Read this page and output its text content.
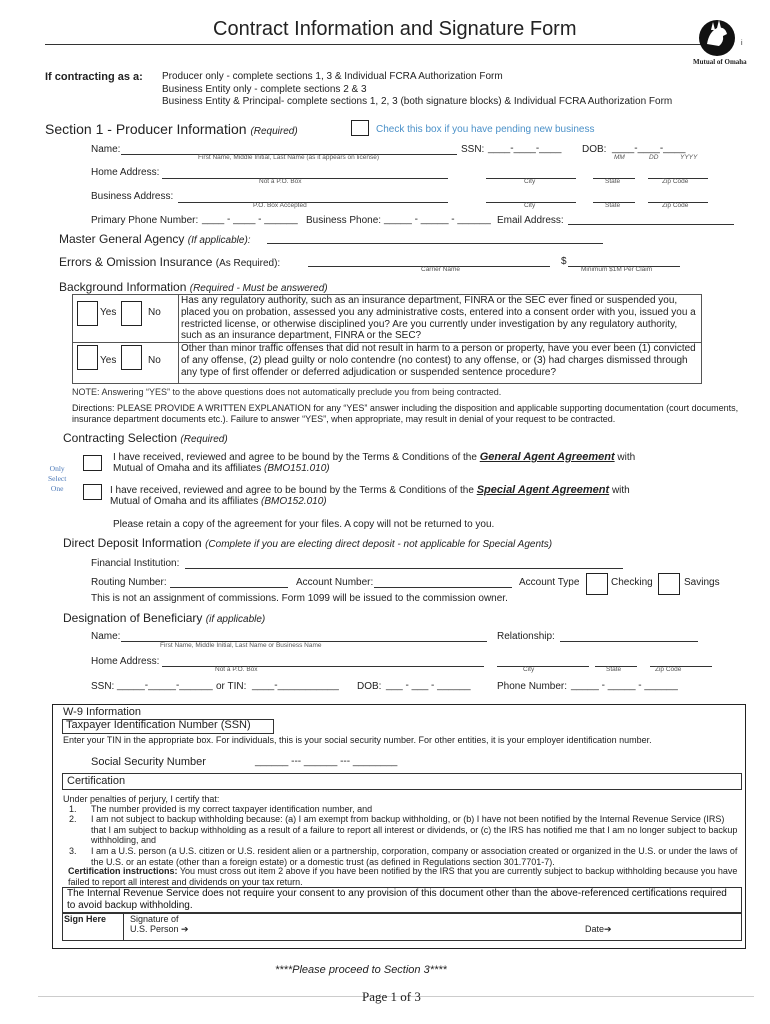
Contract Information and Signature Form
Mutual of Omaha
i
If contracting as a: Producer only - complete sections 1, 3 & Individual FCRA Authorization Form
Business Entity only - complete sections 2 & 3
Business Entity & Principal- complete sections 1, 2, 3 (both signature blocks) & Individual FCRA Authorization Form
Section 1 - Producer Information (Required)	Check this box if you have pending new business
Name:
First Name, Middle Initial, Last Name (as it appears on license)
SSN: ____-____-____ DOB: ____-____-____
MM	DD	YYYY
Home Address:
Not a P.O. Box	City	State	Zip Code
Business Address:
P.O. Box Accepted	City	State	Zip Code
Primary Phone Number: ____ - ____ - ______ Business Phone: _____ - _____ - ______ Email Address:
Master General Agency (If applicable):
Errors & Omission Insurance (As Required):
Carrier Name
$
Minimum $1M Per Claim
Background Information (Required - Must be answered)
Yes	No
Has any regulatory authority, such as an insurance department, FINRA or the SEC ever fined or suspended you, placed you on probation, assessed you any administrative costs, entered into a consent order with you, issued you a restricted license, or otherwise disciplined you? Are you currently under investigation by any regulatory authority, such as an insurance department, FINRA or the SEC?
Yes	No
Other than minor traffic offenses that did not result in harm to a person or property, have you ever been (1) convicted of any offense, (2) plead guilty or nolo contendre (no contest) to any offense, or (3) had charges dismissed through any type of first offender or deferred adjudication or suspended sentence procedure?
NOTE: Answering “YES” to the above questions does not automatically preclude you from being contracted.
Directions: PLEASE PROVIDE A WRITTEN EXPLANATION for any “YES” answer including the disposition and applicable supporting documentation (court documents, insurance department documents etc.). Failure to answer “YES”, when appropriate, may result in denial of your request to be contracted.
Contracting Selection (Required)
Only
Select
One
I have received, reviewed and agree to be bound by the Terms & Conditions of the General Agent Agreement with
Mutual of Omaha and its affiliates (BMO151.010)
I have received, reviewed and agree to be bound by the Terms & Conditions of the Special Agent Agreement with
Mutual of Omaha and its affiliates (BMO152.010)
Please retain a copy of the agreement for your files. A copy will not be returned to you.
Direct Deposit Information (Complete if you are electing direct deposit - not applicable for Special Agents)
Financial Institution:
Routing Number:	Account Number:	Account Type	Checking	Savings
This is not an assignment of commissions. Form 1099 will be issued to the commission owner.
Designation of Beneficiary (if applicable)
Name:
First Name, Middle Initial, Last Name or Business Name
Relationship:
Home Address:
Not a P.O. Box	City	State	Zip Code
SSN: _____-_____-______ or TIN: ____-___________ DOB: ___ - ___ - ______	Phone Number: _____ - _____ - ______
W-9 Information
Taxpayer Identification Number (SSN)
Enter your TIN in the appropriate box. For individuals, this is your social security number. For other entities, it is your employer identification number.
Social Security Number	______ --- ______ --- ________
Certification
Under penalties of perjury, I certify that:
1. The number provided is my correct taxpayer identification number, and
2. I am not subject to backup withholding because: (a) I am exempt from backup withholding, or (b) I have not been notified by the Internal Revenue Service (IRS) that I am subject to backup withholding as a result of a failure to report all interest or dividends, or (c) the IRS has notified me that I am no longer subject to backup withholding, and
3. I am a U.S. person (a U.S. citizen or U.S. resident alien or a partnership, corporation, company or association created or organized in the U.S. or under the laws of the U.S. or an estate (other than a foreign estate) or a domestic trust (as defined in Regulations section 301.7701-7).
Certification instructions: You must cross out item 2 above if you have been notified by the IRS that you are currently subject to backup withholding because you have failed to report all interest and dividends on your tax return.
The Internal Revenue Service does not require your consent to any provision of this document other than the above-referenced certifications required to avoid backup withholding.
Sign Here	Signature of
U.S. Person ➔	Date➔
****Please proceed to Section 3****
Page 1 of 3
